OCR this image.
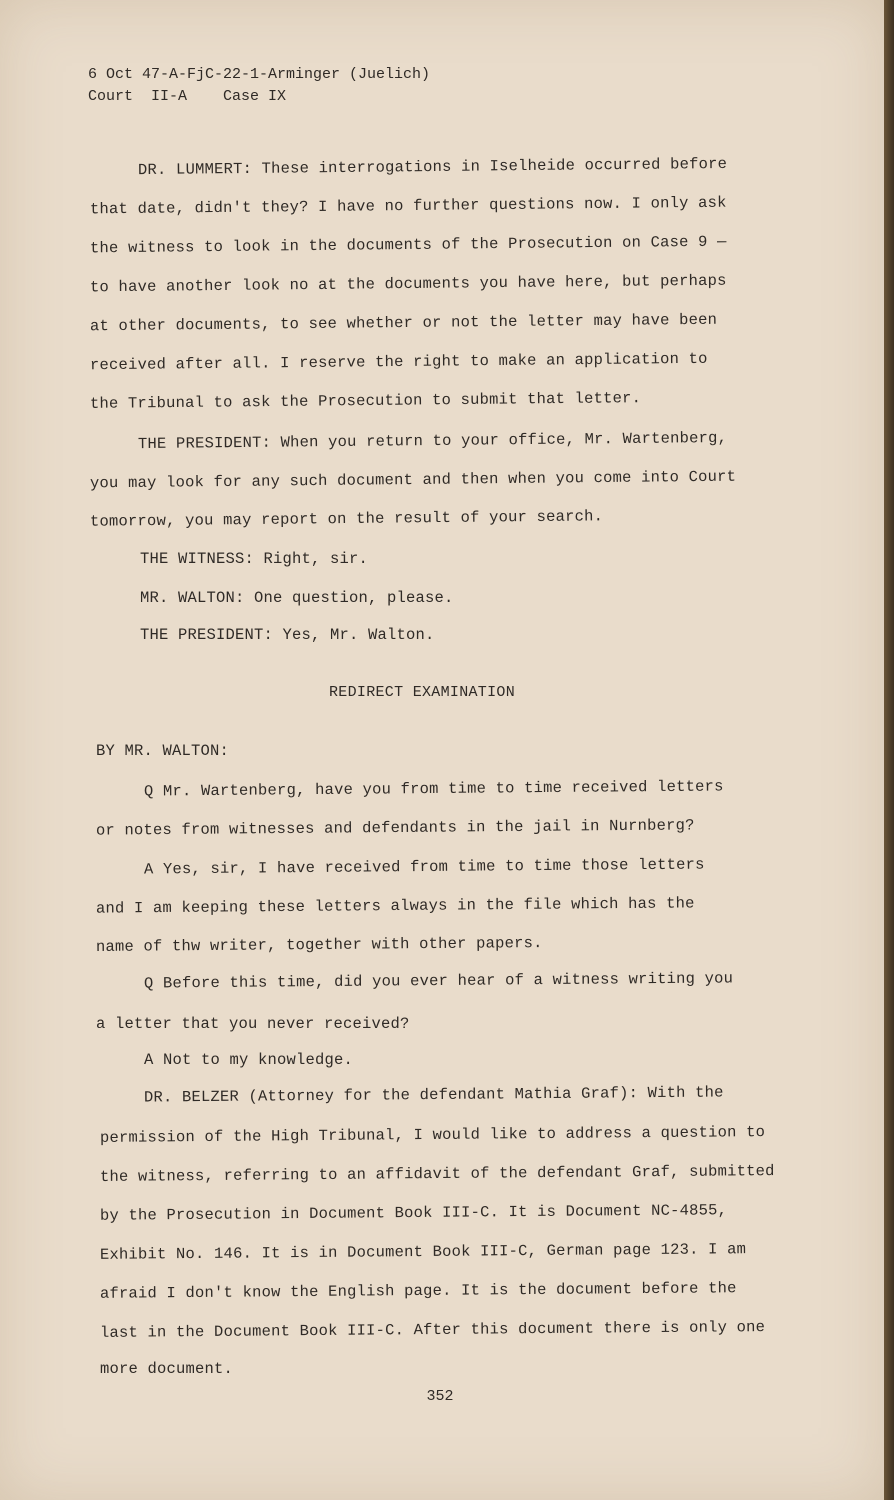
6 Oct 47-A-FjC-22-1-Arminger (Juelich)
Court  II-A    Case IX
DR. LUMMERT: These interrogations in Iselheide occurred before
that date, didn't they? I have no further questions now. I only ask
the witness to look in the documents of the Prosecution on Case 9 —
to have another look no at the documents you have here, but perhaps
at other documents, to see whether or not the letter may have been
received after all. I reserve the right to make an application to
the Tribunal to ask the Prosecution to submit that letter.
THE PRESIDENT: When you return to your office, Mr. Wartenberg,
you may look for any such document and then when you come into Court
tomorrow, you may report on the result of your search.
THE WITNESS: Right, sir.
MR. WALTON: One question, please.
THE PRESIDENT: Yes, Mr. Walton.
REDIRECT EXAMINATION
BY MR. WALTON:
Q Mr. Wartenberg, have you from time to time received letters
or notes from witnesses and defendants in the jail in Nurnberg?
A Yes, sir, I have received from time to time those letters
and I am keeping these letters always in the file which has the
name of thw writer, together with other papers.
Q Before this time, did you ever hear of a witness writing you
a letter that you never received?
A Not to my knowledge.
DR. BELZER (Attorney for the defendant Mathia Graf): With the
permission of the High Tribunal, I would like to address a question to
the witness, referring to an affidavit of the defendant Graf, submitted
by the Prosecution in Document Book III-C. It is Document NC-4855,
Exhibit No. 146. It is in Document Book III-C, German page 123. I am
afraid I don't know the English page. It is the document before the
last in the Document Book III-C. After this document there is only one
more document.
352
